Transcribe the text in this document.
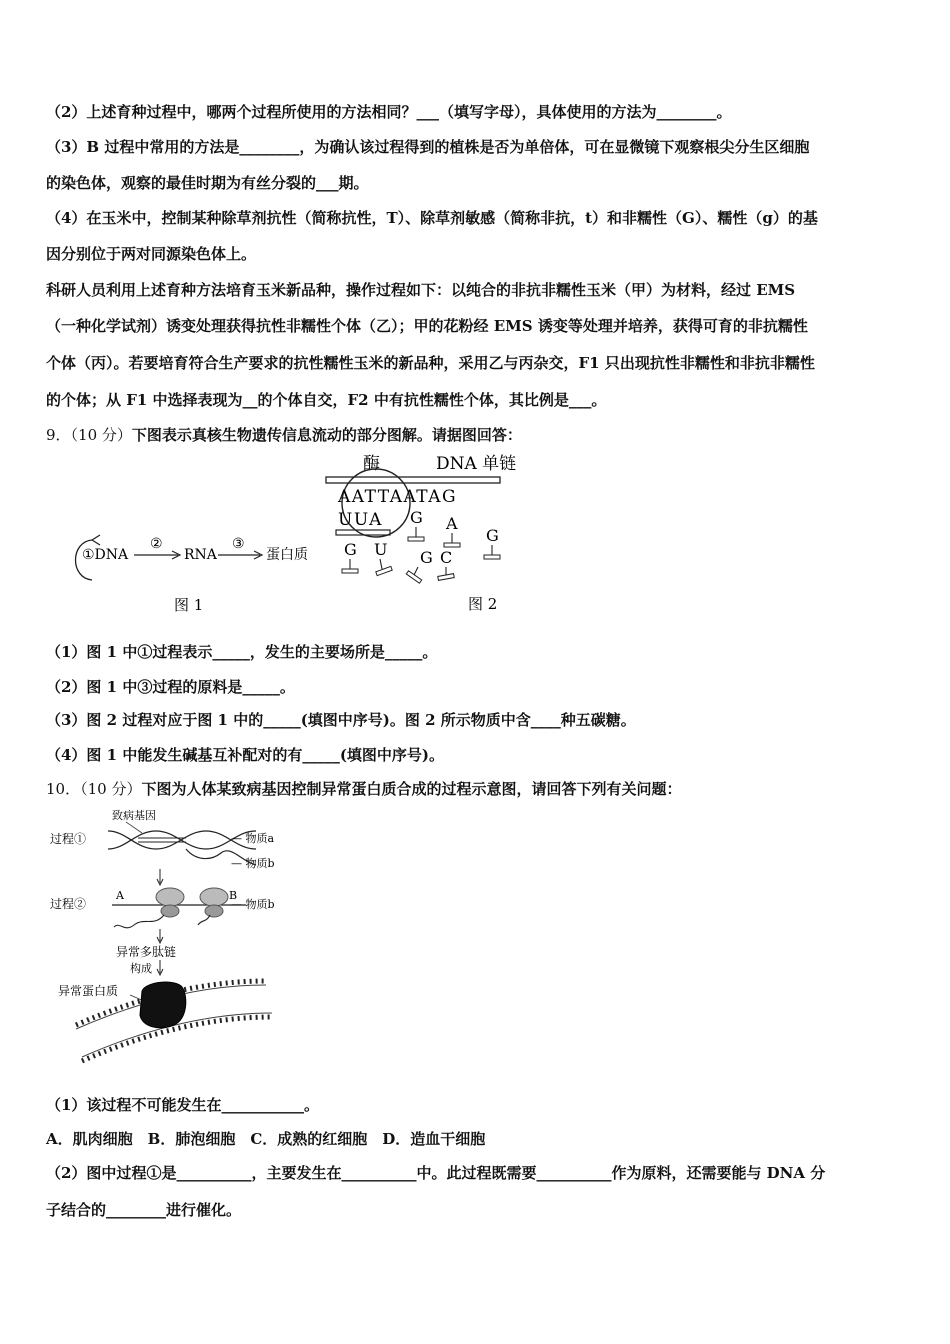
（2）上述育种过程中，哪两个过程所使用的方法相同？___（填写字母），具体使用的方法为________。
（3）B 过程中常用的方法是________，为确认该过程得到的植株是否为单倍体，可在显微镜下观察根尖分生区细胞
的染色体，观察的最佳时期为有丝分裂的___期。
（4）在玉米中，控制某种除草剂抗性（简称抗性，T）、除草剂敏感（简称非抗，t）和非糯性（G）、糯性（g）的基
因分别位于两对同源染色体上。
科研人员利用上述育种方法培育玉米新品种，操作过程如下：以纯合的非抗非糯性玉米（甲）为材料，经过 EMS
（一种化学试剂）诱变处理获得抗性非糯性个体（乙）；甲的花粉经 EMS 诱变等处理并培养，获得可育的非抗糯性
个体（丙）。若要培育符合生产要求的抗性糯性玉米的新品种，采用乙与丙杂交，F1 只出现抗性非糯性和非抗非糯性
的个体；从 F1 中选择表现为__的个体自交，F2 中有抗性糯性个体，其比例是___。
9．（10 分）下图表示真核生物遗传信息流动的部分图解。请据图回答：
①DNA
②
RNA
③
蛋白质
图 1
酶	DNA 单链
AATTAATAG
UUA G A
G
G U G C
图 2
（1）图 1 中①过程表示_____，发生的主要场所是_____。
（2）图 1 中③过程的原料是_____。
（3）图 2 过程对应于图 1 中的_____(填图中序号)。图 2 所示物质中含____种五碳糖。
（4）图 1 中能发生碱基互补配对的有_____(填图中序号)。
10．（10 分）下图为人体某致病基因控制异常蛋白质合成的过程示意图，请回答下列有关问题：
致病基因
过程①	— 物质a
— 物质b
过程②
A	B
— 物质b
异常多肽链
构成
异常蛋白质
（1）该过程不可能发生在___________。
A．肌肉细胞　B．肺泡细胞　C．成熟的红细胞　D．造血干细胞
（2）图中过程①是__________，主要发生在__________中。此过程既需要__________作为原料，还需要能与 DNA 分
子结合的________进行催化。
